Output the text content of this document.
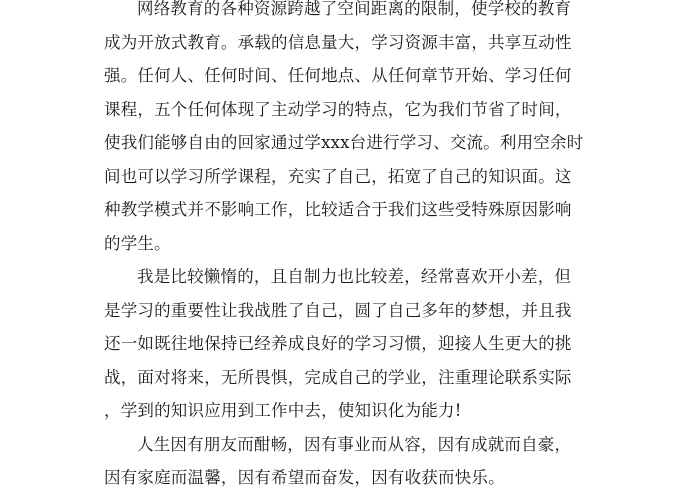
网络教育的各种资源跨越了空间距离的限制，使学校的教育
成为开放式教育。承载的信息量大，学习资源丰富，共享互动性
强。任何人、任何时间、任何地点、从任何章节开始、学习任何
课程，五个任何体现了主动学习的特点，它为我们节省了时间，
使我们能够自由的回家通过学xxx台进行学习、交流。利用空余时
间也可以学习所学课程，充实了自己，拓宽了自己的知识面。这
种教学模式并不影响工作，比较适合于我们这些受特殊原因影响
的学生。
我是比较懒惰的，且自制力也比较差，经常喜欢开小差，但
是学习的重要性让我战胜了自己，圆了自己多年的梦想，并且我
还一如既往地保持已经养成良好的学习习惯，迎接人生更大的挑
战，面对将来，无所畏惧，完成自己的学业，注重理论联系实际
，学到的知识应用到工作中去，使知识化为能力!
人生因有朋友而酣畅，因有事业而从容，因有成就而自豪，
因有家庭而温馨，因有希望而奋发，因有收获而快乐。
